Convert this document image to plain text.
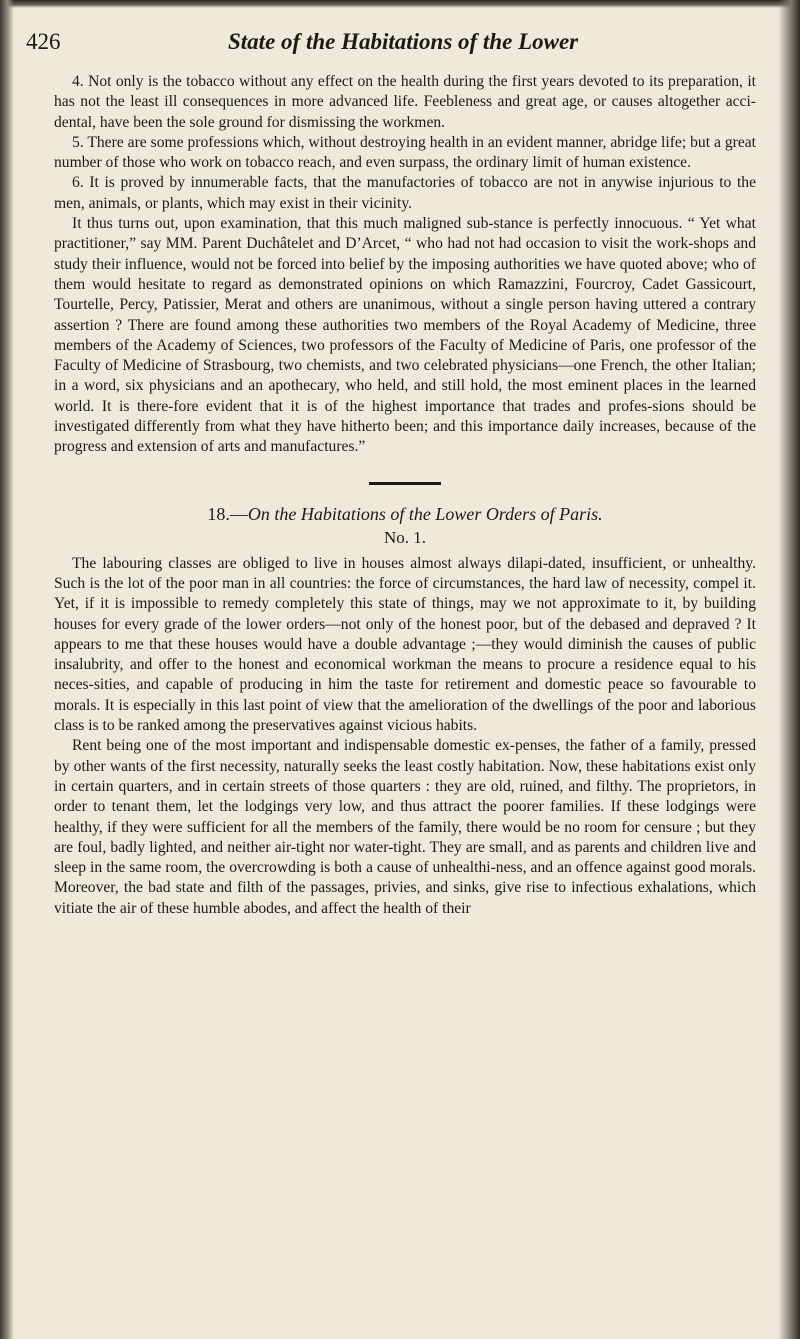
426	State of the Habitations of the Lower

4. Not only is the tobacco without any effect on the health during the first years devoted to its preparation, it has not the least ill consequences in more advanced life. Feebleness and great age, or causes altogether acci-dental, have been the sole ground for dismissing the workmen.

5. There are some professions which, without destroying health in an evident manner, abridge life; but a great number of those who work on tobacco reach, and even surpass, the ordinary limit of human existence.

6. It is proved by innumerable facts, that the manufactories of tobacco are not in anywise injurious to the men, animals, or plants, which may exist in their vicinity.

It thus turns out, upon examination, that this much maligned sub-stance is perfectly innocuous. “ Yet what practitioner,” say MM. Parent Duchâtelet and D’Arcet, “ who had not had occasion to visit the work-shops and study their influence, would not be forced into belief by the imposing authorities we have quoted above; who of them would hesitate to regard as demonstrated opinions on which Ramazzini, Fourcroy, Cadet Gassicourt, Tourtelle, Percy, Patissier, Merat and others are unanimous, without a single person having uttered a contrary assertion ? There are found among these authorities two members of the Royal Academy of Medicine, three members of the Academy of Sciences, two professors of the Faculty of Medicine of Paris, one professor of the Faculty of Medicine of Strasbourg, two chemists, and two celebrated physicians—one French, the other Italian; in a word, six physicians and an apothecary, who held, and still hold, the most eminent places in the learned world. It is there-fore evident that it is of the highest importance that trades and profes-sions should be investigated differently from what they have hitherto been; and this importance daily increases, because of the progress and extension of arts and manufactures.”

18.—On the Habitations of the Lower Orders of Paris.
No. 1.

The labouring classes are obliged to live in houses almost always dilapi-dated, insufficient, or unhealthy. Such is the lot of the poor man in all countries: the force of circumstances, the hard law of necessity, compel it. Yet, if it is impossible to remedy completely this state of things, may we not approximate to it, by building houses for every grade of the lower orders—not only of the honest poor, but of the debased and depraved ? It appears to me that these houses would have a double advantage ;—they would diminish the causes of public insalubrity, and offer to the honest and economical workman the means to procure a residence equal to his neces-sities, and capable of producing in him the taste for retirement and domestic peace so favourable to morals. It is especially in this last point of view that the amelioration of the dwellings of the poor and laborious class is to be ranked among the preservatives against vicious habits.

Rent being one of the most important and indispensable domestic ex-penses, the father of a family, pressed by other wants of the first necessity, naturally seeks the least costly habitation. Now, these habitations exist only in certain quarters, and in certain streets of those quarters : they are old, ruined, and filthy. The proprietors, in order to tenant them, let the lodgings very low, and thus attract the poorer families. If these lodgings were healthy, if they were sufficient for all the members of the family, there would be no room for censure ; but they are foul, badly lighted, and neither air-tight nor water-tight. They are small, and as parents and children live and sleep in the same room, the overcrowding is both a cause of unhealthi-ness, and an offence against good morals. Moreover, the bad state and filth of the passages, privies, and sinks, give rise to infectious exhalations, which vitiate the air of these humble abodes, and affect the health of their
